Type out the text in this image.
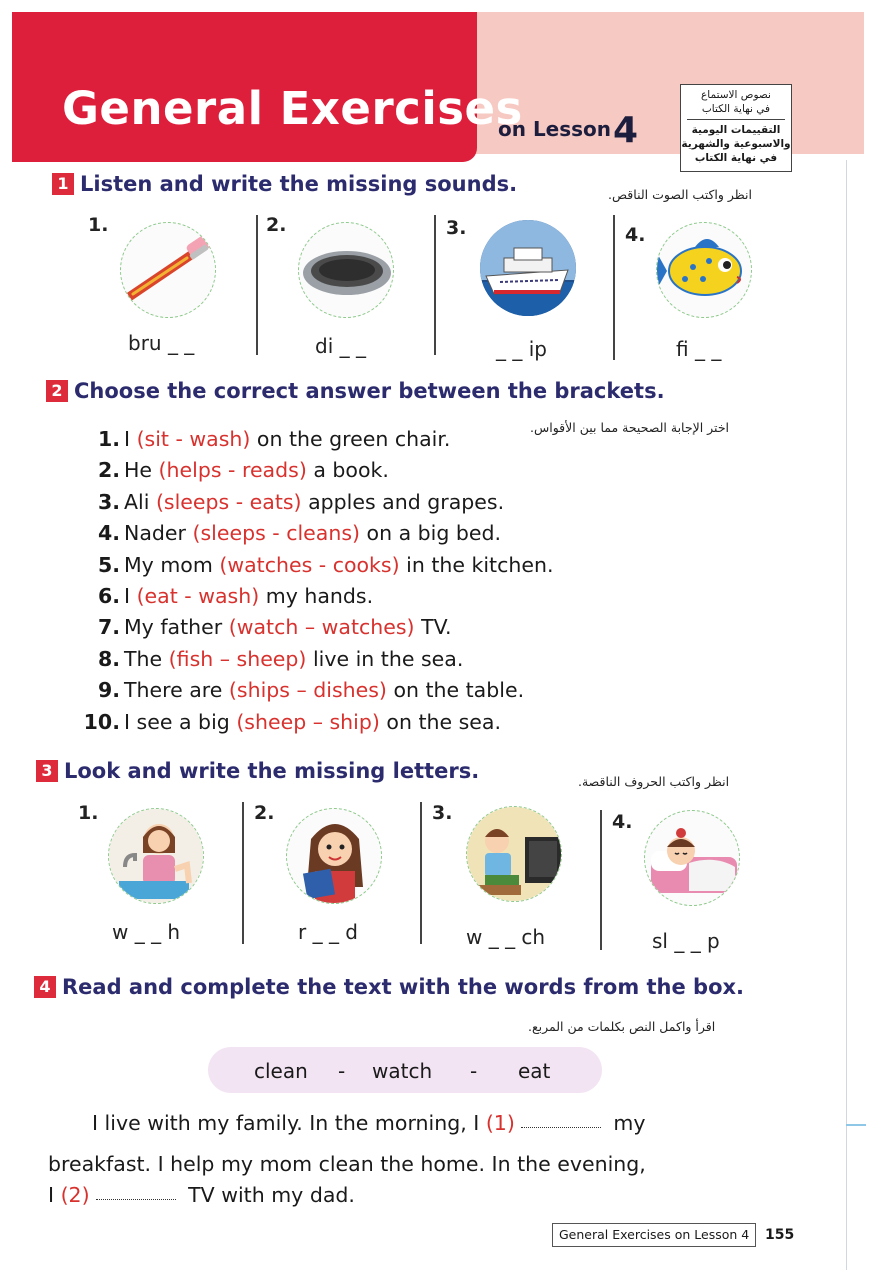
General Exercises
on Lesson4
نصوص الاستماع
في نهاية الكتاب
التقييمات اليومية
والاسبوعية والشهرية
في نهاية الكتاب
1 Listen and write the missing sounds.	انظر واكتب الصوت الناقص.
1.
bru _ _
2.
di _ _
3.
_ _ ip
4.
fi _ _
2 Choose the correct answer between the brackets.
اختر الإجابة الصحيحة مما بين الأقواس.
1. I (sit - wash) on the green chair.
2. He (helps - reads) a book.
3. Ali (sleeps - eats) apples and grapes.
4. Nader (sleeps - cleans) on a big bed.
5. My mom (watches - cooks) in the kitchen.
6. I (eat - wash) my hands.
7. My father (watch – watches) TV.
8. The (fish – sheep) live in the sea.
9. There are (ships – dishes) on the table.
10. I see a big (sheep – ship) on the sea.
3 Look and write the missing letters.	انظر واكتب الحروف الناقصة.
1.
w _ _ h
2.
r _ _ d
3.
w _ _ ch
4.
sl _ _ p
4 Read and complete the text with the words from the box.
اقرأ واكمل النص بكلمات من المربع.
clean - watch - eat
I live with my family. In the morning, I (1)	my
breakfast. I help my mom clean the home. In the evening,
I (2)	TV with my dad.
General Exercises on Lesson 4	155
